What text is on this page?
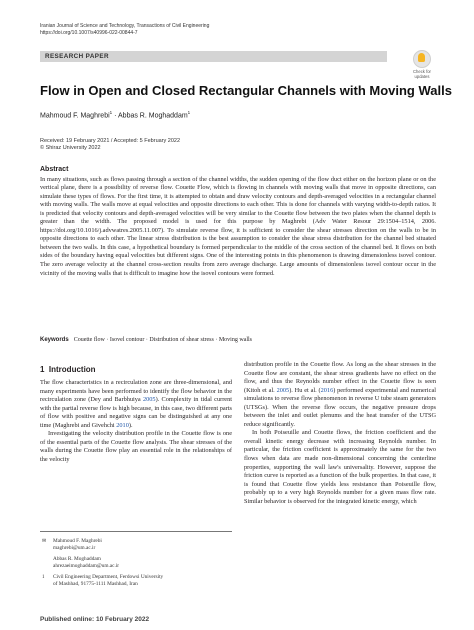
Iranian Journal of Science and Technology, Transactions of Civil Engineering
https://doi.org/10.1007/s40996-022-00844-7
RESEARCH PAPER
Check for
updates
Flow in Open and Closed Rectangular Channels with Moving Walls
Mahmoud F. Maghrebi$^1$ · Abbas R. Moghaddam$^1$
Received: 19 February 2021 / Accepted: 5 February 2022
© Shiraz University 2022
Abstract

In many situations, such as flows passing through a section of the channel widths, the sudden opening of the flow duct either on the horizon plane or on the vertical plane, there is a possibility of reverse flow. Couette Flow, which is flowing in channels with moving walls that move in opposite directions, can simulate these types of flows. For the first time, it is attempted to obtain and draw velocity contours and depth-averaged velocities in a rectangular channel with moving walls. The walls move at equal velocities and opposite directions to each other. This is done for channels with varying width-to-depth ratios. It is predicted that velocity contours and depth-averaged velocities will be very similar to the Couette flow between the two plates when the channel depth is greater than the width. The proposed model is used for this purpose by Maghrebi (Adv Water Resour 29:1504–1514, 2006. https://doi.org/10.1016/j.advwatres.2005.11.007). To simulate reverse flow, it is sufficient to consider the shear stresses direction on the walls to be in opposite directions to each other. The linear stress distribution is the best assumption to consider the shear stress distribution for the channel bed situated between the two walls. In this case, a hypothetical boundary is formed perpendicular to the middle of the cross section of the channel bed. It flows on both sides of the boundary having equal velocities but different signs. One of the interesting points in this phenomenon is drawing dimensionless isovel contour. The zero average velocity at the channel cross-section results from zero average discharge. Large amounts of dimensionless isovel contour occur in the vicinity of the moving walls that is difficult to imagine how the isovel contours were formed.

Keywords Couette flow · Isovel contour · Distribution of shear stress · Moving walls
1 Introduction

The flow characteristics in a recirculation zone are three-dimensional, and many experiments have been performed to identify the flow behavior in the recirculation zone (Dey and Barbhuiya 2005). Complexity in tidal current with the partial reverse flow is high because, in this case, two different parts of flow with positive and negative signs can be distinguished at any one time (Maghrebi and Givehchi 2010).

Investigating the velocity distribution profile in the Couette flow is one of the essential parts of the Couette flow analysis. The shear stresses of the walls during the Couette flow play an essential role in the relationships of the velocity

distribution profile in the Couette flow. As long as the shear stresses in the Couette flow are constant, the shear stress gradients have no effect on the flow, and thus the Reynolds number effect in the Couette flow is seen (Kitoh et al. 2005). Hu et al. (2016) performed experimental and numerical simulations to reverse flow phenomenon in reverse U tube steam generators (UTSGs). When the reverse flow occurs, the negative pressure drops between the inlet and outlet plenums and the heat transfer of the UTSG reduce significantly.

In both Poiseuille and Couette flows, the friction coefficient and the overall kinetic energy decrease with increasing Reynolds number. In particular, the friction coefficient is approximately the same for the two flows when data are made non-dimensional concerning the centerline properties, supporting the wall law's universality. However, suppose the friction curve is reported as a function of the bulk properties. In that case, it is found that Couette flow yields less resistance than Poiseuille flow, probably up to a very high Reynolds number for a given mass flow rate. Similar behavior is observed for the integrated kinetic energy, which

✉ Mahmoud F. Maghrebi
maghrebi@um.ac.ir
Abbas R. Moghaddam
ahrezaeimoghaddam@um.ac.ir
1 Civil Engineering Department, Ferdowsi University
of Mashhad, 91775-1111 Mashhad, Iran
Published online: 10 February 2022
